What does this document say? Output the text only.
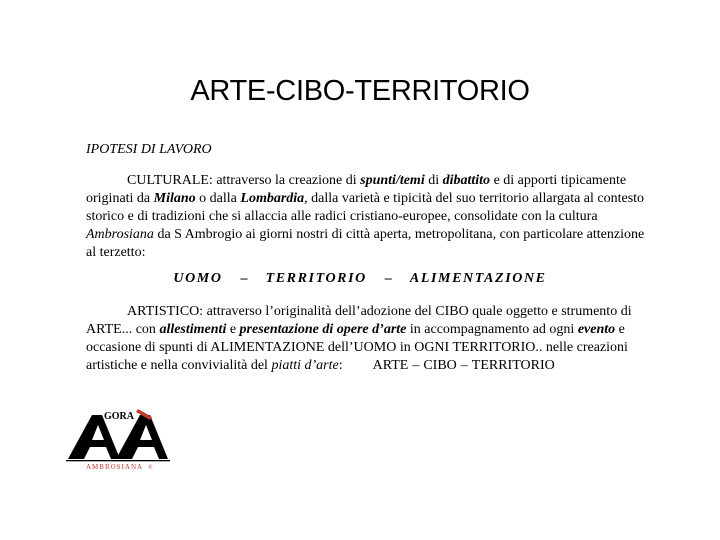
ARTE-CIBO-TERRITORIO
IPOTESI DI LAVORO
CULTURALE: attraverso la creazione di spunti/temi di dibattito e di apporti tipicamente
originati da Milano o dalla Lombardia, dalla varietà e tipicità del suo territorio allargata al contesto
storico e di tradizioni che si allaccia alle radici cristiano-europee, consolidate con la cultura
Ambrosiana da S Ambrogio ai giorni nostri di città aperta, metropolitana, con particolare attenzione
al terzetto:
UOMO – TERRITORIO – ALIMENTAZIONE
ARTISTICO: attraverso l’originalità dell’adozione del CIBO quale oggetto e strumento di
ARTE... con allestimenti e presentazione di opere d’arte in accompagnamento ad ogni evento e
occasione di spunti di ALIMENTAZIONE dell’UOMO in OGNI TERRITORIO.. nelle creazioni
artistiche e nella convivialità del piatti d’arte: ARTE – CIBO – TERRITORIO
GORA
AMBROSIANA ®
